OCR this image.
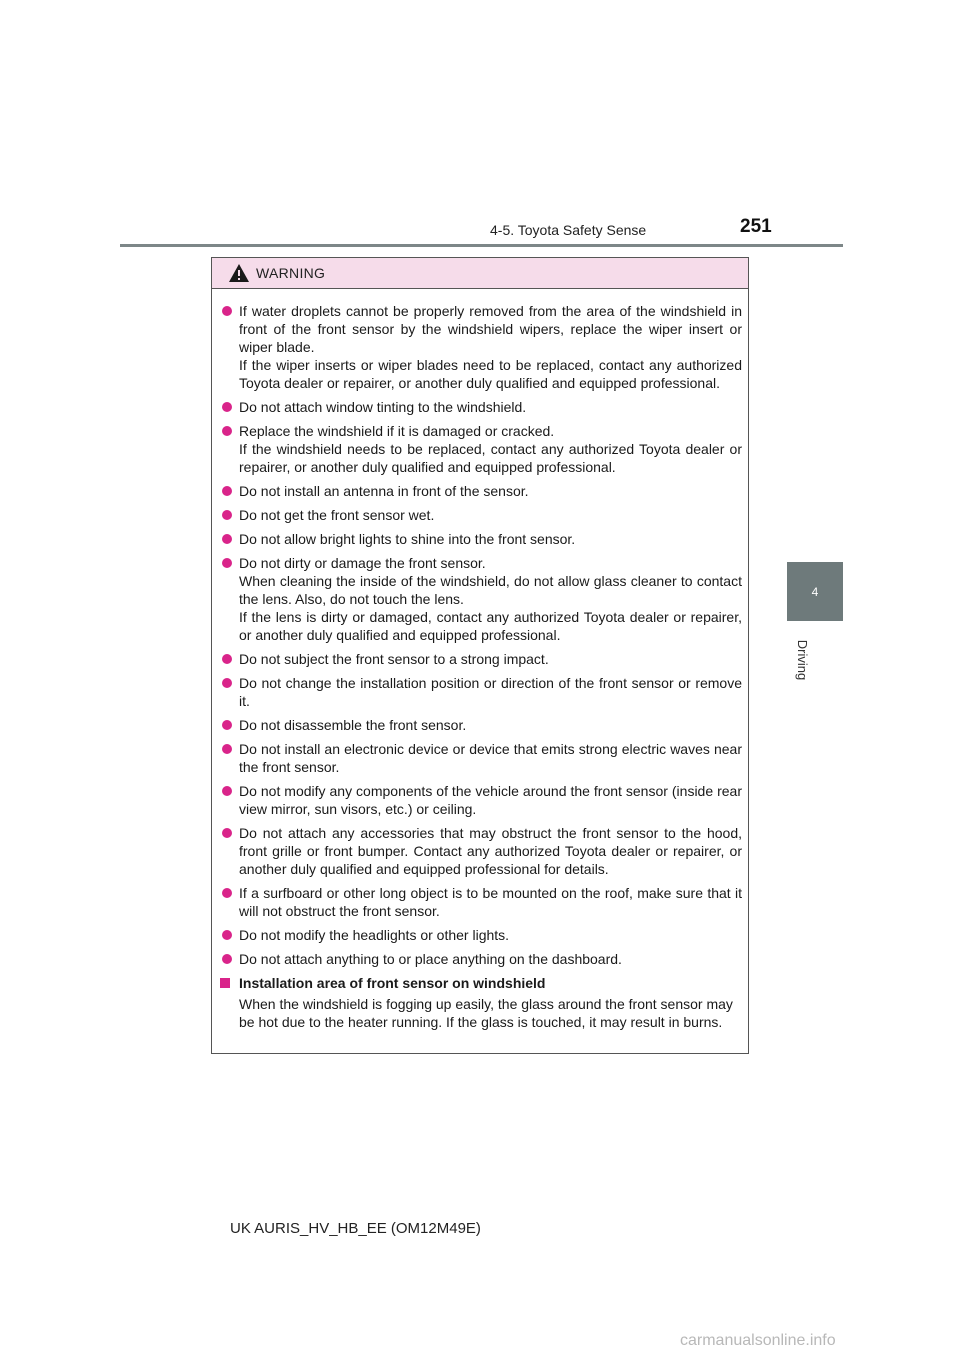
4-5. Toyota Safety Sense	251
4
Driving
WARNING

If water droplets cannot be properly removed from the area of the windshield in front of the front sensor by the windshield wipers, replace the wiper insert or wiper blade.

If the wiper inserts or wiper blades need to be replaced, contact any authorized Toyota dealer or repairer, or another duly qualified and equipped professional.

Do not attach window tinting to the windshield.

Replace the windshield if it is damaged or cracked.

If the windshield needs to be replaced, contact any authorized Toyota dealer or repairer, or another duly qualified and equipped professional.

Do not install an antenna in front of the sensor.

Do not get the front sensor wet.

Do not allow bright lights to shine into the front sensor.

Do not dirty or damage the front sensor.

When cleaning the inside of the windshield, do not allow glass cleaner to contact the lens. Also, do not touch the lens.

If the lens is dirty or damaged, contact any authorized Toyota dealer or repairer, or another duly qualified and equipped professional.

Do not subject the front sensor to a strong impact.

Do not change the installation position or direction of the front sensor or remove it.

Do not disassemble the front sensor.

Do not install an electronic device or device that emits strong electric waves near the front sensor.

Do not modify any components of the vehicle around the front sensor (inside rear view mirror, sun visors, etc.) or ceiling.

Do not attach any accessories that may obstruct the front sensor to the hood, front grille or front bumper. Contact any authorized Toyota dealer or repairer, or another duly qualified and equipped professional for details.

If a surfboard or other long object is to be mounted on the roof, make sure that it will not obstruct the front sensor.

Do not modify the headlights or other lights.

Do not attach anything to or place anything on the dashboard.

Installation area of front sensor on windshield
When the windshield is fogging up easily, the glass around the front sensor may be hot due to the heater running. If the glass is touched, it may result in burns.
UK AURIS_HV_HB_EE (OM12M49E)
carmanualsonline.info
